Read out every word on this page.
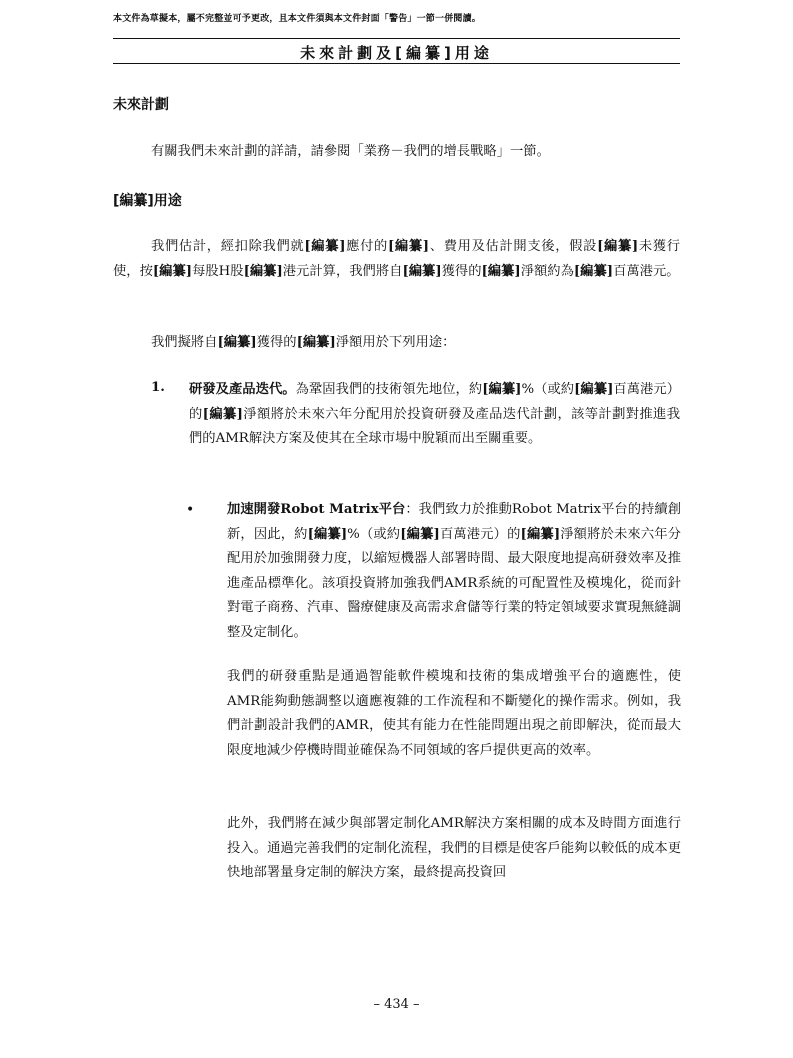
本文件為草擬本，屬不完整並可予更改，且本文件須與本文件封面「警告」一節一併閱讀。
未來計劃及[編纂]用途
未來計劃

有關我們未來計劃的詳請，請參閱「業務－我們的增長戰略」一節。

[編纂]用途

我們估計，經扣除我們就[編纂]應付的[編纂]、費用及估計開支後，假設[編纂]未獲行使，按[編纂]每股H股[編纂]港元計算，我們將自[編纂]獲得的[編纂]淨額約為[編纂]百萬港元。

我們擬將自[編纂]獲得的[編纂]淨額用於下列用途：

1. 研發及產品迭代。為鞏固我們的技術領先地位，約[編纂]%（或約[編纂]百萬港元）的[編纂]淨額將於未來六年分配用於投資研發及產品迭代計劃，該等計劃對推進我們的AMR解決方案及使其在全球市場中脫穎而出至關重要。

• 加速開發Robot Matrix平台：我們致力於推動Robot Matrix平台的持續創新，因此，約[編纂]%（或約[編纂]百萬港元）的[編纂]淨額將於未來六年分配用於加強開發力度，以縮短機器人部署時間、最大限度地提高研發效率及推進產品標準化。該項投資將加強我們AMR系統的可配置性及模塊化，從而針對電子商務、汽車、醫療健康及高需求倉儲等行業的特定領域要求實現無縫調整及定制化。

我們的研發重點是通過智能軟件模塊和技術的集成增強平台的適應性，使AMR能夠動態調整以適應複雜的工作流程和不斷變化的操作需求。例如，我們計劃設計我們的AMR，使其有能力在性能問題出現之前即解決，從而最大限度地減少停機時間並確保為不同領域的客戶提供更高的效率。

此外，我們將在減少與部署定制化AMR解決方案相關的成本及時間方面進行投入。通過完善我們的定制化流程，我們的目標是使客戶能夠以較低的成本更快地部署量身定制的解決方案，最終提高投資回

– 434 –
